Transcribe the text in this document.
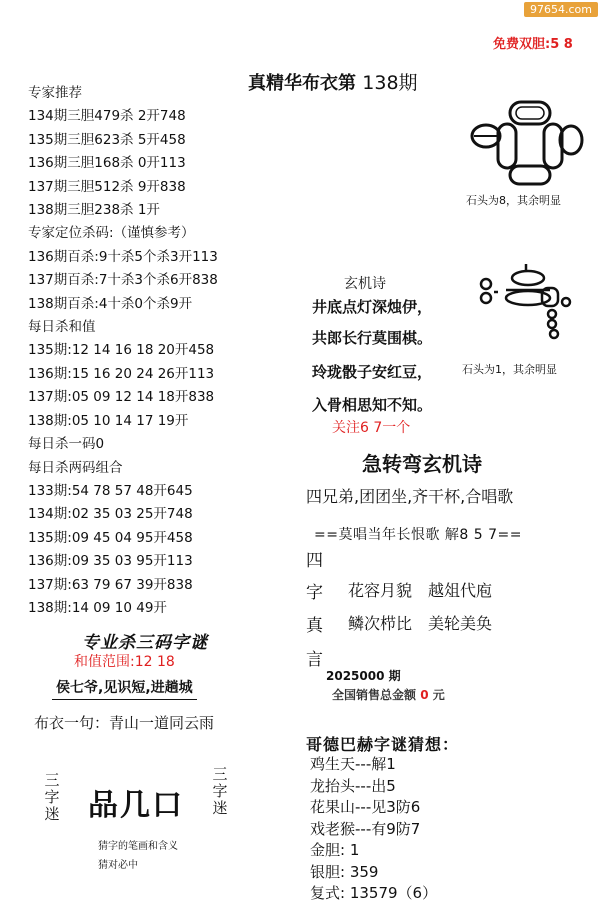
97654.com
免费双胆:5 8
真精华布衣第 138期
专家推荐
134期三胆479杀 2开748
135期三胆623杀 5开458
136期三胆168杀 0开113
137期三胆512杀 9开838
138期三胆238杀 1开
专家定位杀码:（谨慎参考）
136期百杀:9十杀5个杀3开113
137期百杀:7十杀3个杀6开838
138期百杀:4十杀0个杀9开
每日杀和值
135期:12 14 16 18 20开458
136期:15 16 20 24 26开113
137期:05 09 12 14 18开838
138期:05 10 14 17 19开
每日杀一码0
每日杀两码组合
133期:54 78 57 48开645
134期:02 35 03 25开748
135期:09 45 04 95开458
136期:09 35 03 95开113
137期:63 79 67 39开838
138期:14 09 10 49开
专业杀三码字谜
和值范围:12 18
侯七爷,见识短,进趟城
布衣一句：青山一道同云雨
三
字
迷 品几口
三
字
迷
猜字的笔画和含义
猜对必中
石头为8，其余明显
玄机诗
井底点灯深烛伊，
共郎长行莫围棋。
玲珑骰子安红豆，
入骨相思知不知。
关注6 7一个
石头为1，其余明显
急转弯玄机诗
四兄弟,团团坐,齐干杯,合唱歌
==莫唱当年长恨歌 解8 5 7==
四
字
真
言
花容月貌　越俎代庖
鳞次栉比　美轮美奂
2025000 期
全国销售总金额 0 元
哥德巴赫字谜猜想：
鸡生天---解1
龙抬头---出5
花果山---见3防6
戏老猴---有9防7
金胆: 1
银胆: 359
复式: 13579（6）
